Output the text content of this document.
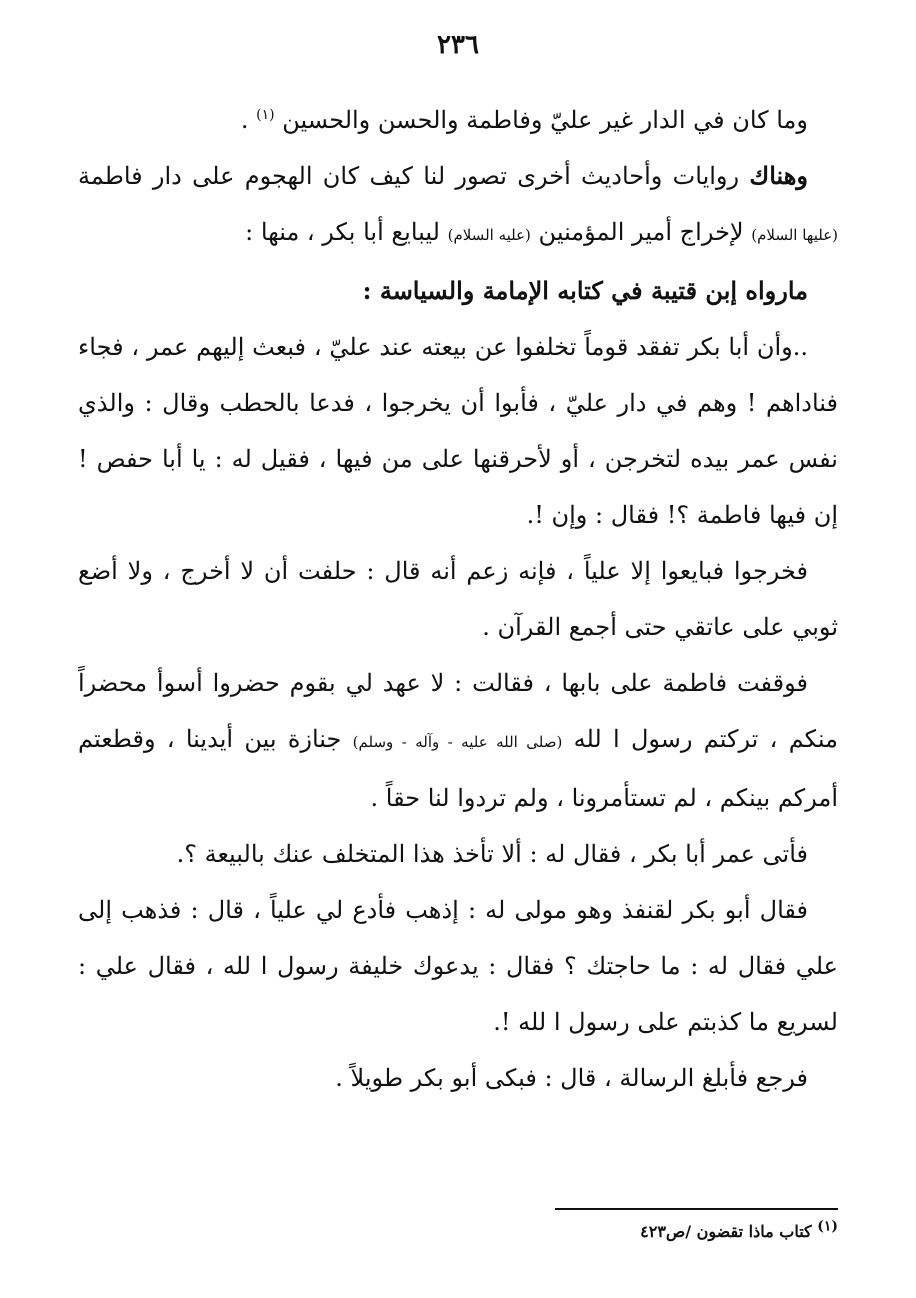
٢٣٦

وما كان في الدار غير عليّ وفاطمة والحسن والحسين $^{(١)}$ .

وهناك روايات وأحاديث أخرى تصور لنا كيف كان الهجوم على دار فاطمة (عليها السلام) لإخراج أمير المؤمنين (عليه السلام) ليبايع أبا بكر ، منها :

مارواه إبن قتيبة في كتابه الإمامة والسياسة :

..وأن أبا بكر تفقد قوماً تخلفوا عن بيعته عند عليّ ، فبعث إليهم عمر ، فجاء فناداهم ! وهم في دار عليّ ، فأبوا أن يخرجوا ، فدعا بالحطب وقال : والذي نفس عمر بيده لتخرجن ، أو لأحرقنها على من فيها ، فقيل له : يا أبا حفص ! إن فيها فاطمة ؟! فقال : وإن !.

فخرجوا فبايعوا إلا علياً ، فإنه زعم أنه قال : حلفت أن لا أخرج ، ولا أضع ثوبي على عاتقي حتى أجمع القرآن .

فوقفت فاطمة على بابها ، فقالت : لا عهد لي بقوم حضروا أسوأ محضراً منكم ، تركتم رسول ا لله (صلى الله عليه - وآله - وسلم) جنازة بين أيدينا ، وقطعتم أمركم بينكم ، لم تستأمرونا ، ولم تردوا لنا حقاً .

فأتى عمر أبا بكر ، فقال له : ألا تأخذ هذا المتخلف عنك بالبيعة ؟.

فقال أبو بكر لقنفذ وهو مولى له : إذهب فأدع لي علياً ، قال : فذهب إلى علي فقال له : ما حاجتك ؟ فقال : يدعوك خليفة رسول ا لله ، فقال علي : لسريع ما كذبتم على رسول ا لله !.

فرجع فأبلغ الرسالة ، قال : فبكى أبو بكر طويلاً .

$^{(١)}$ كتاب ماذا تقضون /ص٤٢٣
